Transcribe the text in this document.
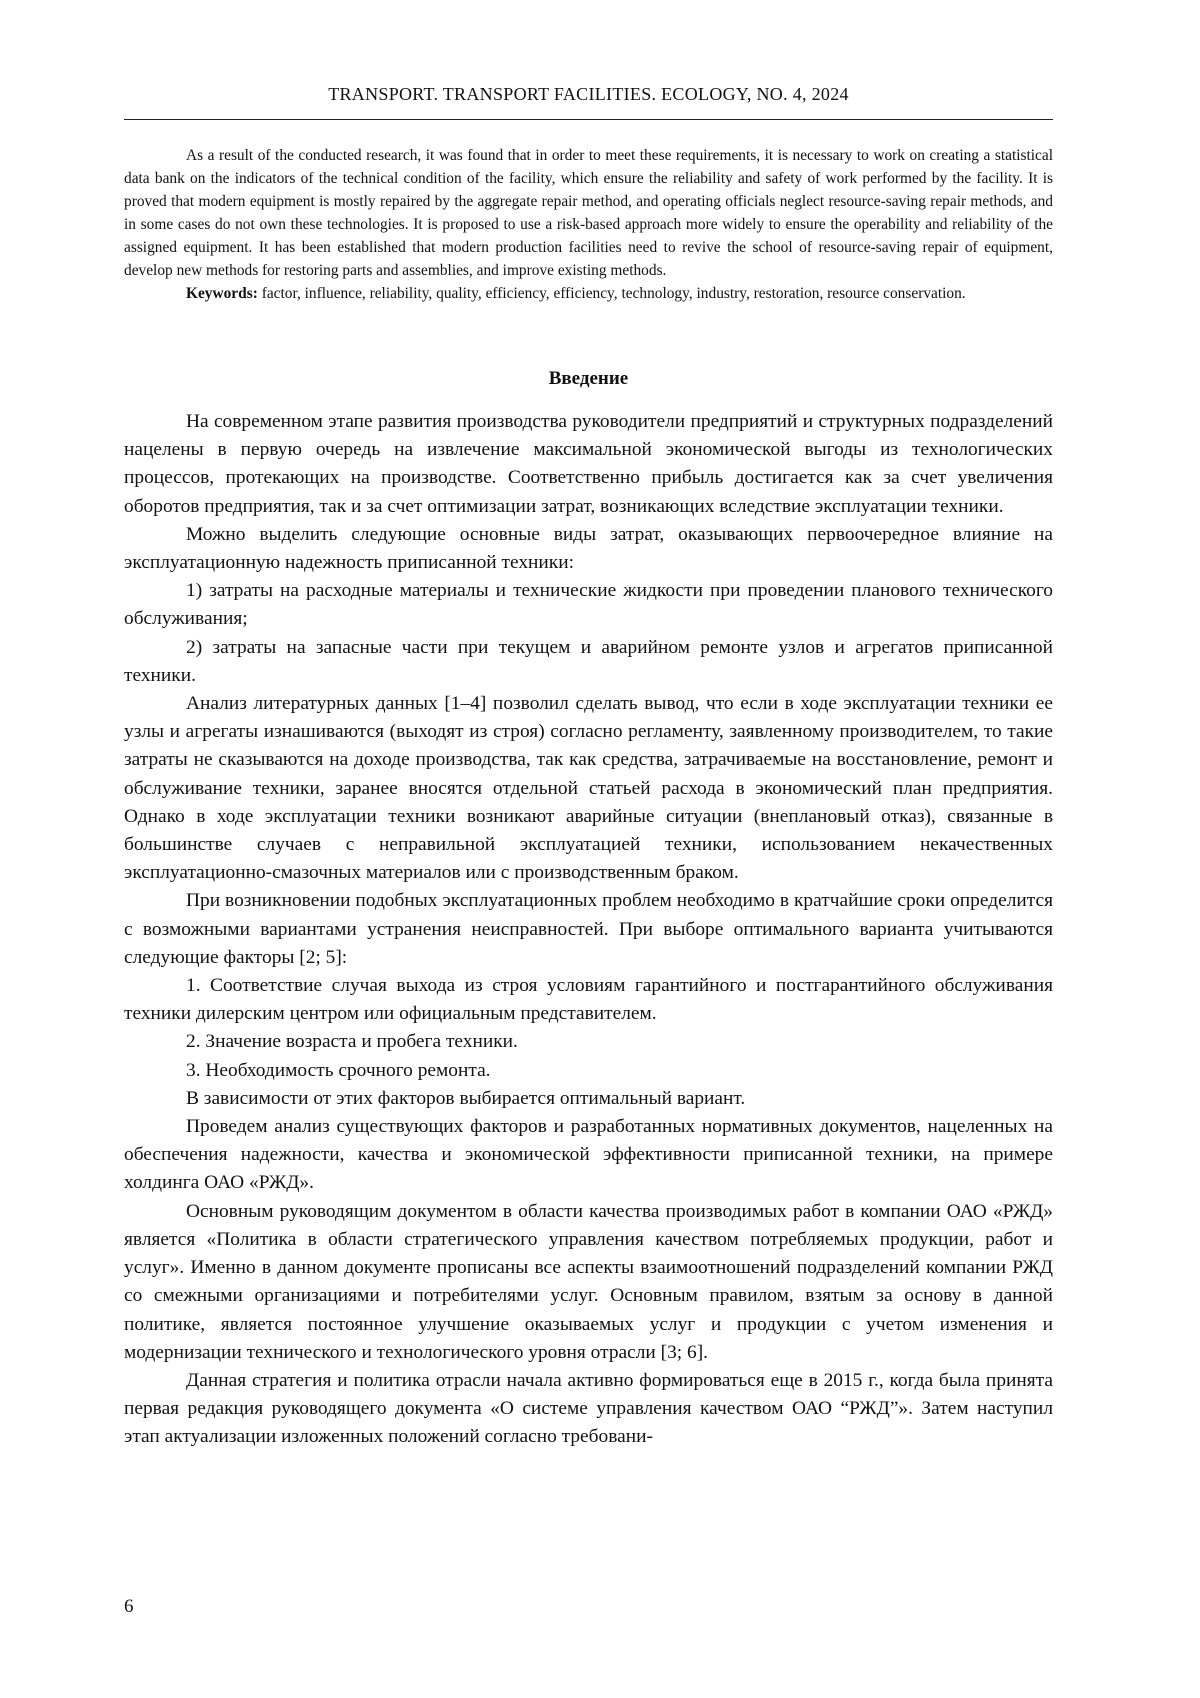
TRANSPORT. TRANSPORT FACILITIES. ECOLOGY, NO. 4, 2024

As a result of the conducted research, it was found that in order to meet these requirements, it is necessary to work on creating a statistical data bank on the indicators of the technical condition of the facility, which ensure the reliability and safety of work performed by the facility. It is proved that modern equipment is mostly repaired by the aggregate repair method, and operating officials neglect resource-saving repair methods, and in some cases do not own these technologies. It is proposed to use a risk-based approach more widely to ensure the operability and reliability of the assigned equipment. It has been established that modern production facilities need to revive the school of resource-saving repair of equipment, develop new methods for restoring parts and assemblies, and improve existing methods.

Keywords: factor, influence, reliability, quality, efficiency, efficiency, technology, industry, restoration, resource conservation.

Введение

На современном этапе развития производства руководители предприятий и структурных подразделений нацелены в первую очередь на извлечение максимальной экономической выгоды из технологических процессов, протекающих на производстве. Соответственно прибыль достигается как за счет увеличения оборотов предприятия, так и за счет оптимизации затрат, возникающих вследствие эксплуатации техники.

Можно выделить следующие основные виды затрат, оказывающих первоочередное влияние на эксплуатационную надежность приписанной техники:

1) затраты на расходные материалы и технические жидкости при проведении планового технического обслуживания;

2) затраты на запасные части при текущем и аварийном ремонте узлов и агрегатов приписанной техники.

Анализ литературных данных [1–4] позволил сделать вывод, что если в ходе эксплуатации техники ее узлы и агрегаты изнашиваются (выходят из строя) согласно регламенту, заявленному производителем, то такие затраты не сказываются на доходе производства, так как средства, затрачиваемые на восстановление, ремонт и обслуживание техники, заранее вносятся отдельной статьей расхода в экономический план предприятия. Однако в ходе эксплуатации техники возникают аварийные ситуации (внеплановый отказ), связанные в большинстве случаев с неправильной эксплуатацией техники, использованием некачественных эксплуатационно-смазочных материалов или с производственным браком.

При возникновении подобных эксплуатационных проблем необходимо в кратчайшие сроки определится с возможными вариантами устранения неисправностей. При выборе оптимального варианта учитываются следующие факторы [2; 5]:

1. Соответствие случая выхода из строя условиям гарантийного и постгарантийного обслуживания техники дилерским центром или официальным представителем.

2. Значение возраста и пробега техники.

3. Необходимость срочного ремонта.

В зависимости от этих факторов выбирается оптимальный вариант.

Проведем анализ существующих факторов и разработанных нормативных документов, нацеленных на обеспечения надежности, качества и экономической эффективности приписанной техники, на примере холдинга ОАО «РЖД».

Основным руководящим документом в области качества производимых работ в компании ОАО «РЖД» является «Политика в области стратегического управления качеством потребляемых продукции, работ и услуг». Именно в данном документе прописаны все аспекты взаимоотношений подразделений компании РЖД со смежными организациями и потребителями услуг. Основным правилом, взятым за основу в данной политике, является постоянное улучшение оказываемых услуг и продукции с учетом изменения и модернизации технического и технологического уровня отрасли [3; 6].

Данная стратегия и политика отрасли начала активно формироваться еще в 2015 г., когда была принята первая редакция руководящего документа «О системе управления качеством ОАО “РЖД”». Затем наступил этап актуализации изложенных положений согласно требовани-

6
